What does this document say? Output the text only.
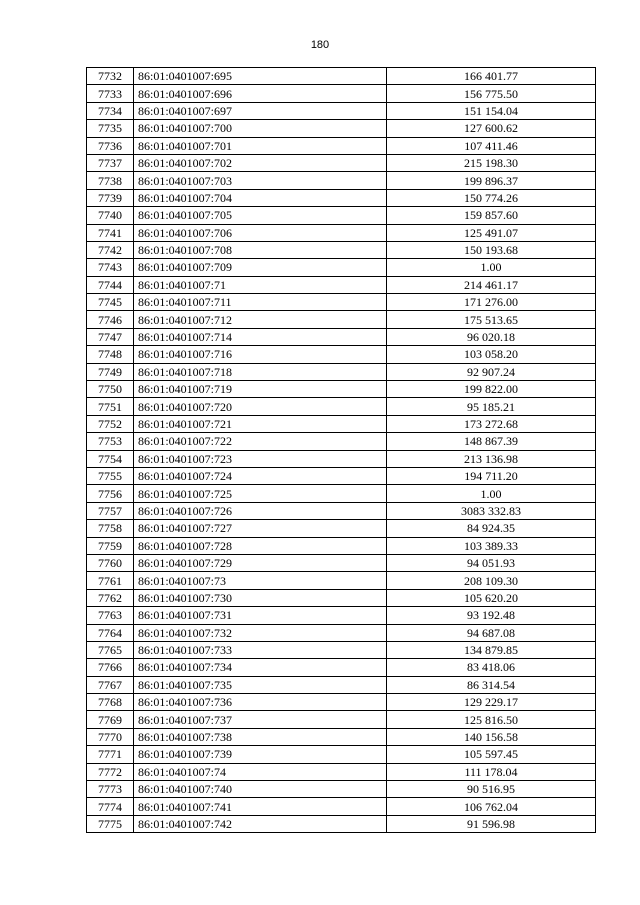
180
7732	86:01:0401007:695	166 401.77
7733	86:01:0401007:696	156 775.50
7734	86:01:0401007:697	151 154.04
7735	86:01:0401007:700	127 600.62
7736	86:01:0401007:701	107 411.46
7737	86:01:0401007:702	215 198.30
7738	86:01:0401007:703	199 896.37
7739	86:01:0401007:704	150 774.26
7740	86:01:0401007:705	159 857.60
7741	86:01:0401007:706	125 491.07
7742	86:01:0401007:708	150 193.68
7743	86:01:0401007:709	1.00
7744	86:01:0401007:71	214 461.17
7745	86:01:0401007:711	171 276.00
7746	86:01:0401007:712	175 513.65
7747	86:01:0401007:714	96 020.18
7748	86:01:0401007:716	103 058.20
7749	86:01:0401007:718	92 907.24
7750	86:01:0401007:719	199 822.00
7751	86:01:0401007:720	95 185.21
7752	86:01:0401007:721	173 272.68
7753	86:01:0401007:722	148 867.39
7754	86:01:0401007:723	213 136.98
7755	86:01:0401007:724	194 711.20
7756	86:01:0401007:725	1.00
7757	86:01:0401007:726	3083 332.83
7758	86:01:0401007:727	84 924.35
7759	86:01:0401007:728	103 389.33
7760	86:01:0401007:729	94 051.93
7761	86:01:0401007:73	208 109.30
7762	86:01:0401007:730	105 620.20
7763	86:01:0401007:731	93 192.48
7764	86:01:0401007:732	94 687.08
7765	86:01:0401007:733	134 879.85
7766	86:01:0401007:734	83 418.06
7767	86:01:0401007:735	86 314.54
7768	86:01:0401007:736	129 229.17
7769	86:01:0401007:737	125 816.50
7770	86:01:0401007:738	140 156.58
7771	86:01:0401007:739	105 597.45
7772	86:01:0401007:74	111 178.04
7773	86:01:0401007:740	90 516.95
7774	86:01:0401007:741	106 762.04
7775	86:01:0401007:742	91 596.98
